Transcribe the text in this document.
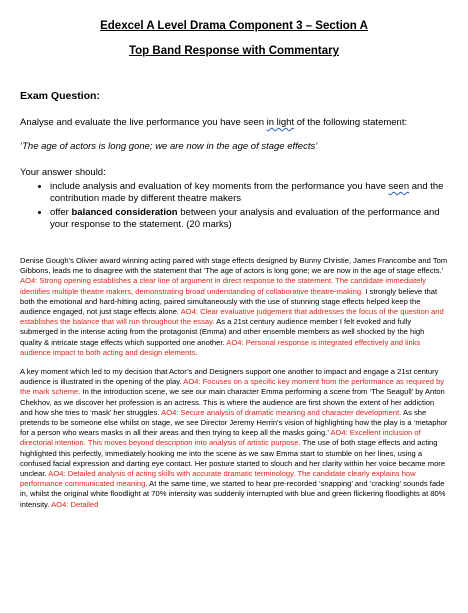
Edexcel A Level Drama Component 3 – Section A

Top Band Response with Commentary

Exam Question:
Analyse and evaluate the live performance you have seen in light of the following statement:
‘The age of actors is long gone; we are now in the age of stage effects’
Your answer should:
• include analysis and evaluation of key moments from the performance you have seen and the contribution made by different theatre makers
• offer balanced consideration between your analysis and evaluation of the performance and your response to the statement. (20 marks)
Denise Gough’s Olivier award winning acting paired with stage effects designed by Bunny Christie, James Francombe and Tom Gibbons, leads me to disagree with the statement that ‘The age of actors is long gone; we are now in the age of stage effects.’ AO4: Strong opening establishes a clear line of argument in direct response to the statement. The candidate immediately identifies multiple theatre makers, demonstrating broad understanding of collaborative theatre-making. I strongly believe that both the emotional and hard-hitting acting, paired simultaneously with the use of stunning stage effects helped keep the audience engaged, not just stage effects alone. AO4: Clear evaluative judgement that addresses the focus of the question and establishes the balance that will run throughout the essay. As a 21st century audience member I felt evoked and fully submerged in the intense acting from the protagonist (Emma) and other ensemble members as well shocked by the high quality & intricate stage effects which supported one another. AO4: Personal response is integrated effectively and links audience impact to both acting and design elements.
A key moment which led to my decision that Actor’s and Designers support one another to impact and engage a 21st century audience is illustrated in the opening of the play. AO4: Focuses on a specific key moment from the performance as required by the mark scheme. In the introduction scene, we see our main character Emma performing a scene from ‘The Seagull’ by Anton Chekhov, as we discover her profession is an actress. This is where the audience are first shown the extent of her addiction and how she tries to ‘mask’ her struggles. AO4: Secure analysis of dramatic meaning and character development. As she pretends to be someone else whilst on stage, we see Director Jeremy Herrin’s vision of highlighting how the play is a ‘metaphor for a person who wears masks in all their areas and then trying to keep all the masks going.’ AO4: Excellent inclusion of directorial intention. This moves beyond description into analysis of artistic purpose. The use of both stage effects and acting highlighted this perfectly, immediately hooking me into the scene as we saw Emma start to stumble on her lines, using a confused facial expression and darting eye contact. Her posture started to slouch and her clarity within her voice became more unclear. AO4: Detailed analysis of acting skills with accurate dramatic terminology. The candidate clearly explains how performance communicated meaning. At the same time, we started to hear pre-recorded ‘snapping’ and ‘cracking’ sounds fade in, whilst the original white floodlight at 70% intensity was suddenly interrupted with blue and green flickering floodlights at 80% intensity. AO4: Detailed
